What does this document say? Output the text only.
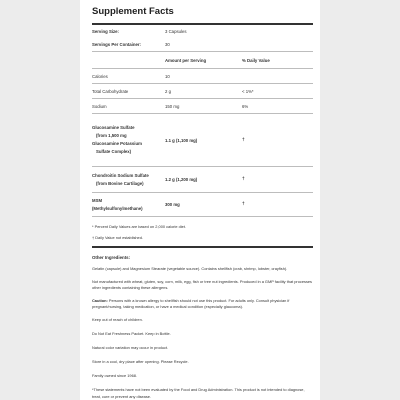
Supplement Facts
Serving Size:	3 Capsules
Servings Per Container:	30
Amount per Serving	% Daily Value
Calories	10
Total Carbohydrate	2 g	< 1%*
Sodium	150 mg	6%
Glucosamine Sulfate
(from 1,500 mg
Glucosamine Potassium
Sulfate Complex)
1.1 g (1,100 mg)	†
Chondroitin Sodium Sulfate
(from Bovine Cartilage)
1.2 g (1,200 mg)	†
MSM
(Methylsulfonylmethane)
300 mg	†
* Percent Daily Values are based on 2,000 calorie diet.
† Daily Value not established.
Other Ingredients:
Gelatin (capsule) and Magnesium Stearate (vegetable source). Contains shellfish (crab, shrimp, lobster, crayfish).
Not manufactured with wheat, gluten, soy, corn, milk, egg, fish or tree nut ingredients. Produced in a GMP facility that processes other ingredients containing these allergens.
Caution: Persons with a known allergy to shellfish should not use this product. For adults only. Consult physician if pregnant/nursing, taking medication, or have a medical condition (especially glaucoma).
Keep out of reach of children.
Do Not Eat Freshness Packet. Keep in Bottle.
Natural color variation may occur in product.
Store in a cool, dry place after opening. Please Recycle.
Family owned since 1968.
*These statements have not been evaluated by the Food and Drug Administration. This product is not intended to diagnose, treat, cure or prevent any disease.
